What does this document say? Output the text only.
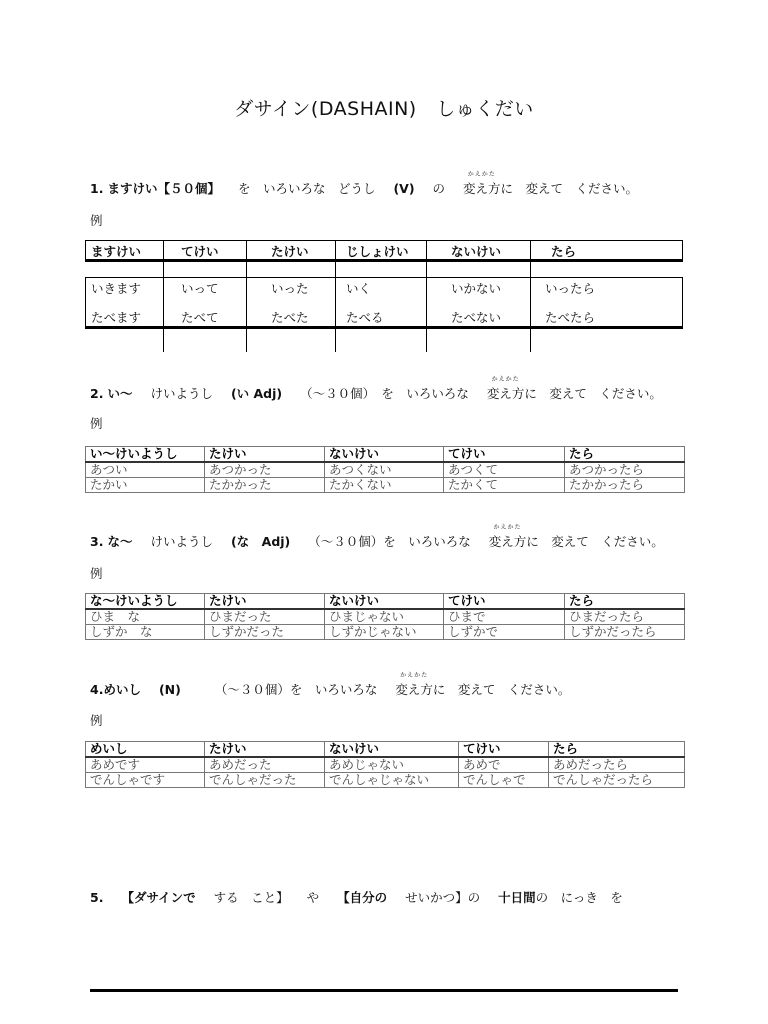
ダサイン(DASHAIN)　しゅくだい
1. ますけい【５０個】 を　いろいろな　どうし (V) の
かえかた
変え方に　変えて　ください。
例
ますけい	てけい	たけい	じしょけい	ないけい	たら
いきます	いって	いった	いく	いかない	いったら
たべます	たべて	たべた	たべる	たべない	たべたら
2. い〜 けいようし (い Adj) （〜３０個）　を　いろいろな
かえかた
変え方に　変えて　ください。
例
い〜けいようし	たけい	ないけい	てけい	たら
あつい	あつかった	あつくない	あつくて	あつかったら
たかい	たかかった	たかくない	たかくて	たかかったら
3. な〜 けいようし (な　Adj) （〜３０個）を　いろいろな
かえかた
変え方に　変えて　ください。
例
な〜けいようし	たけい	ないけい	てけい	たら
ひま　な	ひまだった	ひまじゃない	ひまで	ひまだったら
しずか　な	しずかだった	しずかじゃない	しずかで	しずかだったら
4.めいし (N)	（〜３０個）を　いろいろな
かえかた
変え方に　変えて　ください。
例
めいし	たけい	ないけい	てけい	たら
あめです	あめだった	あめじゃない	あめで	あめだったら
でんしゃです	でんしゃだった	でんしゃじゃない	でんしゃで	でんしゃだったら
5. 【ダサインで する　こと】 や 【自分の せいかつ】の 十日間の　にっき　を
